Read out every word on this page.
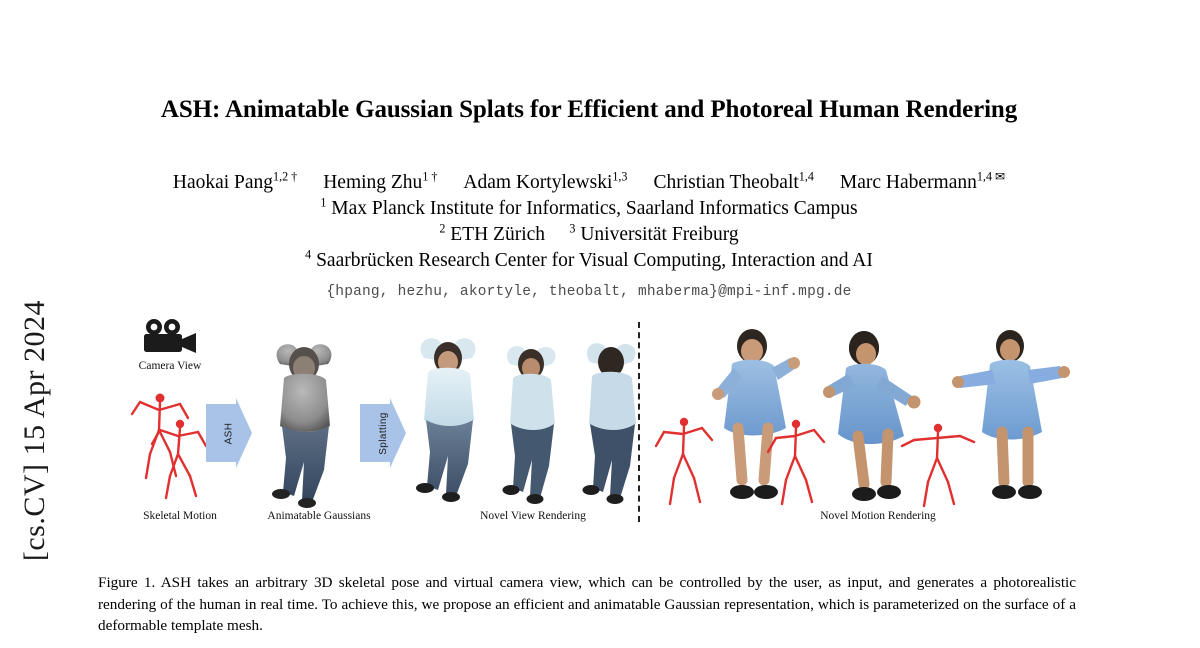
[cs.CV] 15 Apr 2024
ASH: Animatable Gaussian Splats for Efficient and Photoreal Human Rendering
Haokai Pang$^{1,2 \dagger}$ Heming Zhu$^{1 \dagger}$ Adam Kortylewski$^{1,3}$ Christian Theobalt$^{1,4}$ Marc Habermann$^{1,4 ✉}$
$^1$ Max Planck Institute for Informatics, Saarland Informatics Campus
$^2$ ETH Zürich $^3$ Universität Freiburg
$^4$ Saarbrücken Research Center for Visual Computing, Interaction and AI
{hpang, hezhu, akortyle, theobalt, mhaberma}@mpi-inf.mpg.de
Camera View
Skeletal Motion
ASH
Animatable Gaussians
Splatting
Novel View Rendering	Novel Motion Rendering
Figure 1. ASH takes an arbitrary 3D skeletal pose and virtual camera view, which can be controlled by the user, as input, and generates a photorealistic rendering of the human in real time. To achieve this, we propose an efficient and animatable Gaussian representation, which is parameterized on the surface of a deformable template mesh.
